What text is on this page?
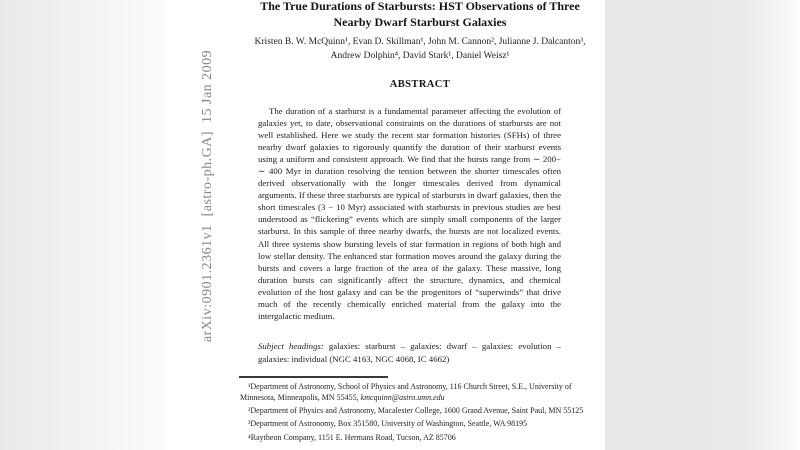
The True Durations of Starbursts: HST Observations of Three
Nearby Dwarf Starburst Galaxies
Kristen B. W. McQuinn¹, Evan D. Skillman¹, John M. Cannon², Julianne J. Dalcanton³,
Andrew Dolphin⁴, David Stark¹, Daniel Weisz¹
ABSTRACT
The duration of a starburst is a fundamental parameter affecting the evolution of galaxies yet, to date, observational constraints on the durations of starbursts are not well established. Here we study the recent star formation histories (SFHs) of three nearby dwarf galaxies to rigorously quantify the duration of their starburst events using a uniform and consistent approach. We find that the bursts range from ∼ 200− ∼ 400 Myr in duration resolving the tension between the shorter timescales often derived observationally with the longer timescales derived from dynamical arguments. If these three starbursts are typical of starbursts in dwarf galaxies, then the short timescales (3 − 10 Myr) associated with starbursts in previous studies are best understood as “flickering” events which are simply small components of the larger starburst. In this sample of three nearby dwarfs, the bursts are not localized events. All three systems show bursting levels of star formation in regions of both high and low stellar density. The enhanced star formation moves around the galaxy during the bursts and covers a large fraction of the area of the galaxy. These massive, long duration bursts can significantly affect the structure, dynamics, and chemical evolution of the host galaxy and can be the progenitors of “superwinds” that drive much of the recently chemically enriched material from the galaxy into the intergalactic medium.
Subject headings: galaxies: starburst – galaxies: dwarf – galaxies: evolution – galaxies: individual (NGC 4163, NGC 4068, IC 4662)
¹Department of Astronomy, School of Physics and Astronomy, 116 Church Street, S.E., University of Minnesota, Minneapolis, MN 55455, kmcquinn@astro.umn.edu
²Department of Physics and Astronomy, Macalester College, 1600 Grand Avenue, Saint Paul, MN 55125
³Department of Astronomy, Box 351580, University of Washington, Seattle, WA 98195
⁴Raytheon Company, 1151 E. Hermans Road, Tucson, AZ 85706
arXiv:0901.2361v1  [astro-ph.GA]  15 Jan 2009
